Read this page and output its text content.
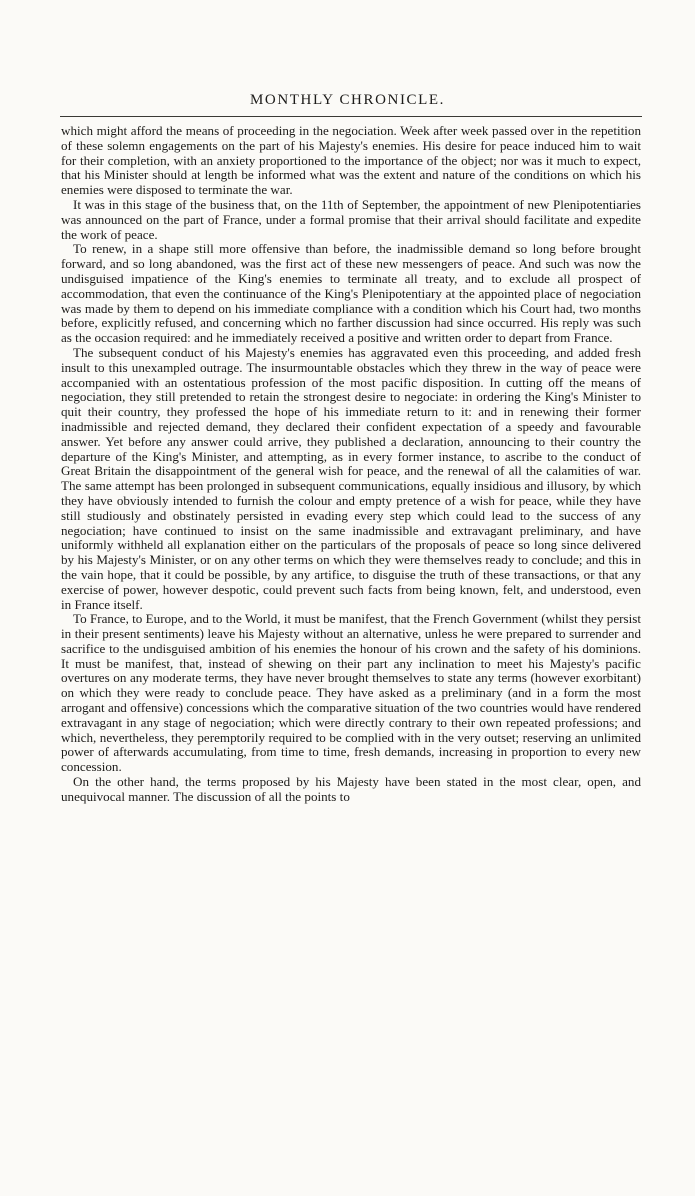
MONTHLY CHRONICLE.

which might afford the means of proceeding in the negociation. Week after week passed over in the repetition of these solemn engagements on the part of his Majesty's enemies. His desire for peace induced him to wait for their completion, with an anxiety proportioned to the importance of the object; nor was it much to expect, that his Minister should at length be informed what was the extent and nature of the conditions on which his enemies were disposed to terminate the war.

It was in this stage of the business that, on the 11th of September, the appointment of new Plenipotentiaries was announced on the part of France, under a formal promise that their arrival should facilitate and expedite the work of peace.

To renew, in a shape still more offensive than before, the inadmissible demand so long before brought forward, and so long abandoned, was the first act of these new messengers of peace. And such was now the undisguised impatience of the King's enemies to terminate all treaty, and to exclude all prospect of accommodation, that even the continuance of the King's Plenipotentiary at the appointed place of negociation was made by them to depend on his immediate compliance with a condition which his Court had, two months before, explicitly refused, and concerning which no farther discussion had since occurred. His reply was such as the occasion required: and he immediately received a positive and written order to depart from France.

The subsequent conduct of his Majesty's enemies has aggravated even this proceeding, and added fresh insult to this unexampled outrage. The insurmountable obstacles which they threw in the way of peace were accompanied with an ostentatious profession of the most pacific disposition. In cutting off the means of negociation, they still pretended to retain the strongest desire to negociate: in ordering the King's Minister to quit their country, they professed the hope of his immediate return to it: and in renewing their former inadmissible and rejected demand, they declared their confident expectation of a speedy and favourable answer. Yet before any answer could arrive, they published a declaration, announcing to their country the departure of the King's Minister, and attempting, as in every former instance, to ascribe to the conduct of Great Britain the disappointment of the general wish for peace, and the renewal of all the calamities of war. The same attempt has been prolonged in subsequent communications, equally insidious and illusory, by which they have obviously intended to furnish the colour and empty pretence of a wish for peace, while they have still studiously and obstinately persisted in evading every step which could lead to the success of any negociation; have continued to insist on the same inadmissible and extravagant preliminary, and have uniformly withheld all explanation either on the particulars of the proposals of peace so long since delivered by his Majesty's Minister, or on any other terms on which they were themselves ready to conclude; and this in the vain hope, that it could be possible, by any artifice, to disguise the truth of these transactions, or that any exercise of power, however despotic, could prevent such facts from being known, felt, and understood, even in France itself.

To France, to Europe, and to the World, it must be manifest, that the French Government (whilst they persist in their present sentiments) leave his Majesty without an alternative, unless he were prepared to surrender and sacrifice to the undisguised ambition of his enemies the honour of his crown and the safety of his dominions. It must be manifest, that, instead of shewing on their part any inclination to meet his Majesty's pacific overtures on any moderate terms, they have never brought themselves to state any terms (however exorbitant) on which they were ready to conclude peace. They have asked as a preliminary (and in a form the most arrogant and offensive) concessions which the comparative situation of the two countries would have rendered extravagant in any stage of negociation; which were directly contrary to their own repeated professions; and which, nevertheless, they peremptorily required to be complied with in the very outset; reserving an unlimited power of afterwards accumulating, from time to time, fresh demands, increasing in proportion to every new concession.

On the other hand, the terms proposed by his Majesty have been stated in the most clear, open, and unequivocal manner. The discussion of all the points to
